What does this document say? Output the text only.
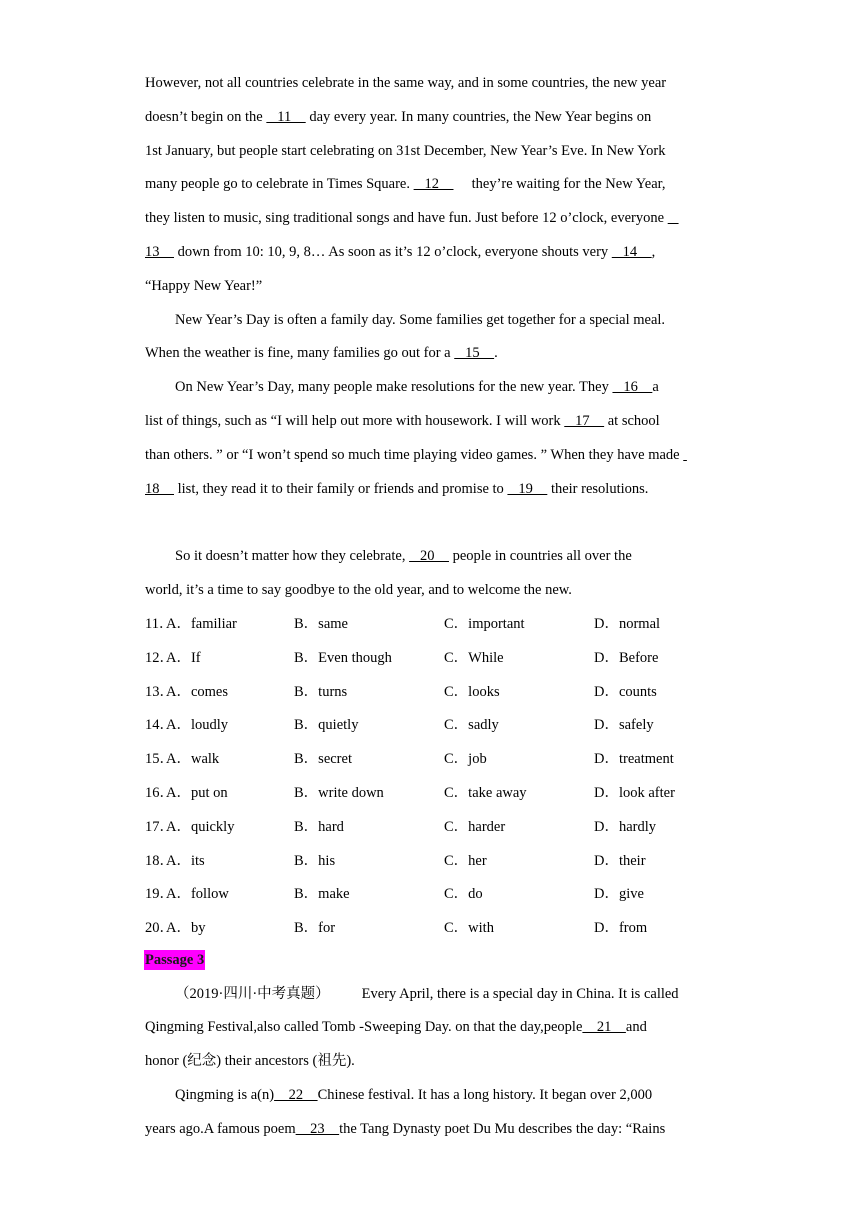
However, not all countries celebrate in the same way, and in some countries, the new year
doesn’t begin on the    11     day every year. In many countries, the New Year begins on
1st January, but people start celebrating on 31st December, New Year’s Eve. In New York
many people go to celebrate in Times Square.    12         they’re waiting for the New Year,
they listen to music, sing traditional songs and have fun. Just before 12 o’clock, everyone
13     down from 10: 10, 9, 8… As soon as it’s 12 o’clock, everyone shouts very    14    ,
“Happy New Year!”
New Year’s Day is often a family day. Some families get together for a special meal.
When the weather is fine, many families go out for a    15    .
On New Year’s Day, many people make resolutions for the new year. They    16    a
list of things, such as “I will help out more with housework. I will work    17     at school
than others. ” or “I won’t spend so much time playing video games. ” When they have made
18     list, they read it to their family or friends and promise to    19     their resolutions.
So it doesn’t matter how they celebrate,    20     people in countries all over the
world, it’s a time to say goodbye to the old year, and to welcome the new.
11．
A．familiar	B．same	C．important	D．normal
12．
A．If	B．Even though	C．While	D．Before
13．
A．comes	B．turns	C．looks	D．counts
14．
A．loudly	B．quietly	C．sadly	D．safely
15．
A．walk	B．secret	C．job	D．treatment
16．
A．put on	B．write down	C．take away	D．look after
17．
A．quickly	B．hard	C．harder	D．hardly
18．
A．its	B．his	C．her	D．their
19．
A．follow	B．make	C．do	D．give
20．
A．by	B．for	C．with	D．from
Passage 3
（2019·四川·中考真题） Every April, there is a special day in China. It is called
Qingming Festival,also called Tomb -Sweeping Day. on that the day,people    21    and
honor (纪念) their ancestors (祖先).
Qingming is a(n)    22    Chinese festival. It has a long history. It began over 2,000
years ago.A famous poem    23    the Tang Dynasty poet Du Mu describes the day: “Rains
